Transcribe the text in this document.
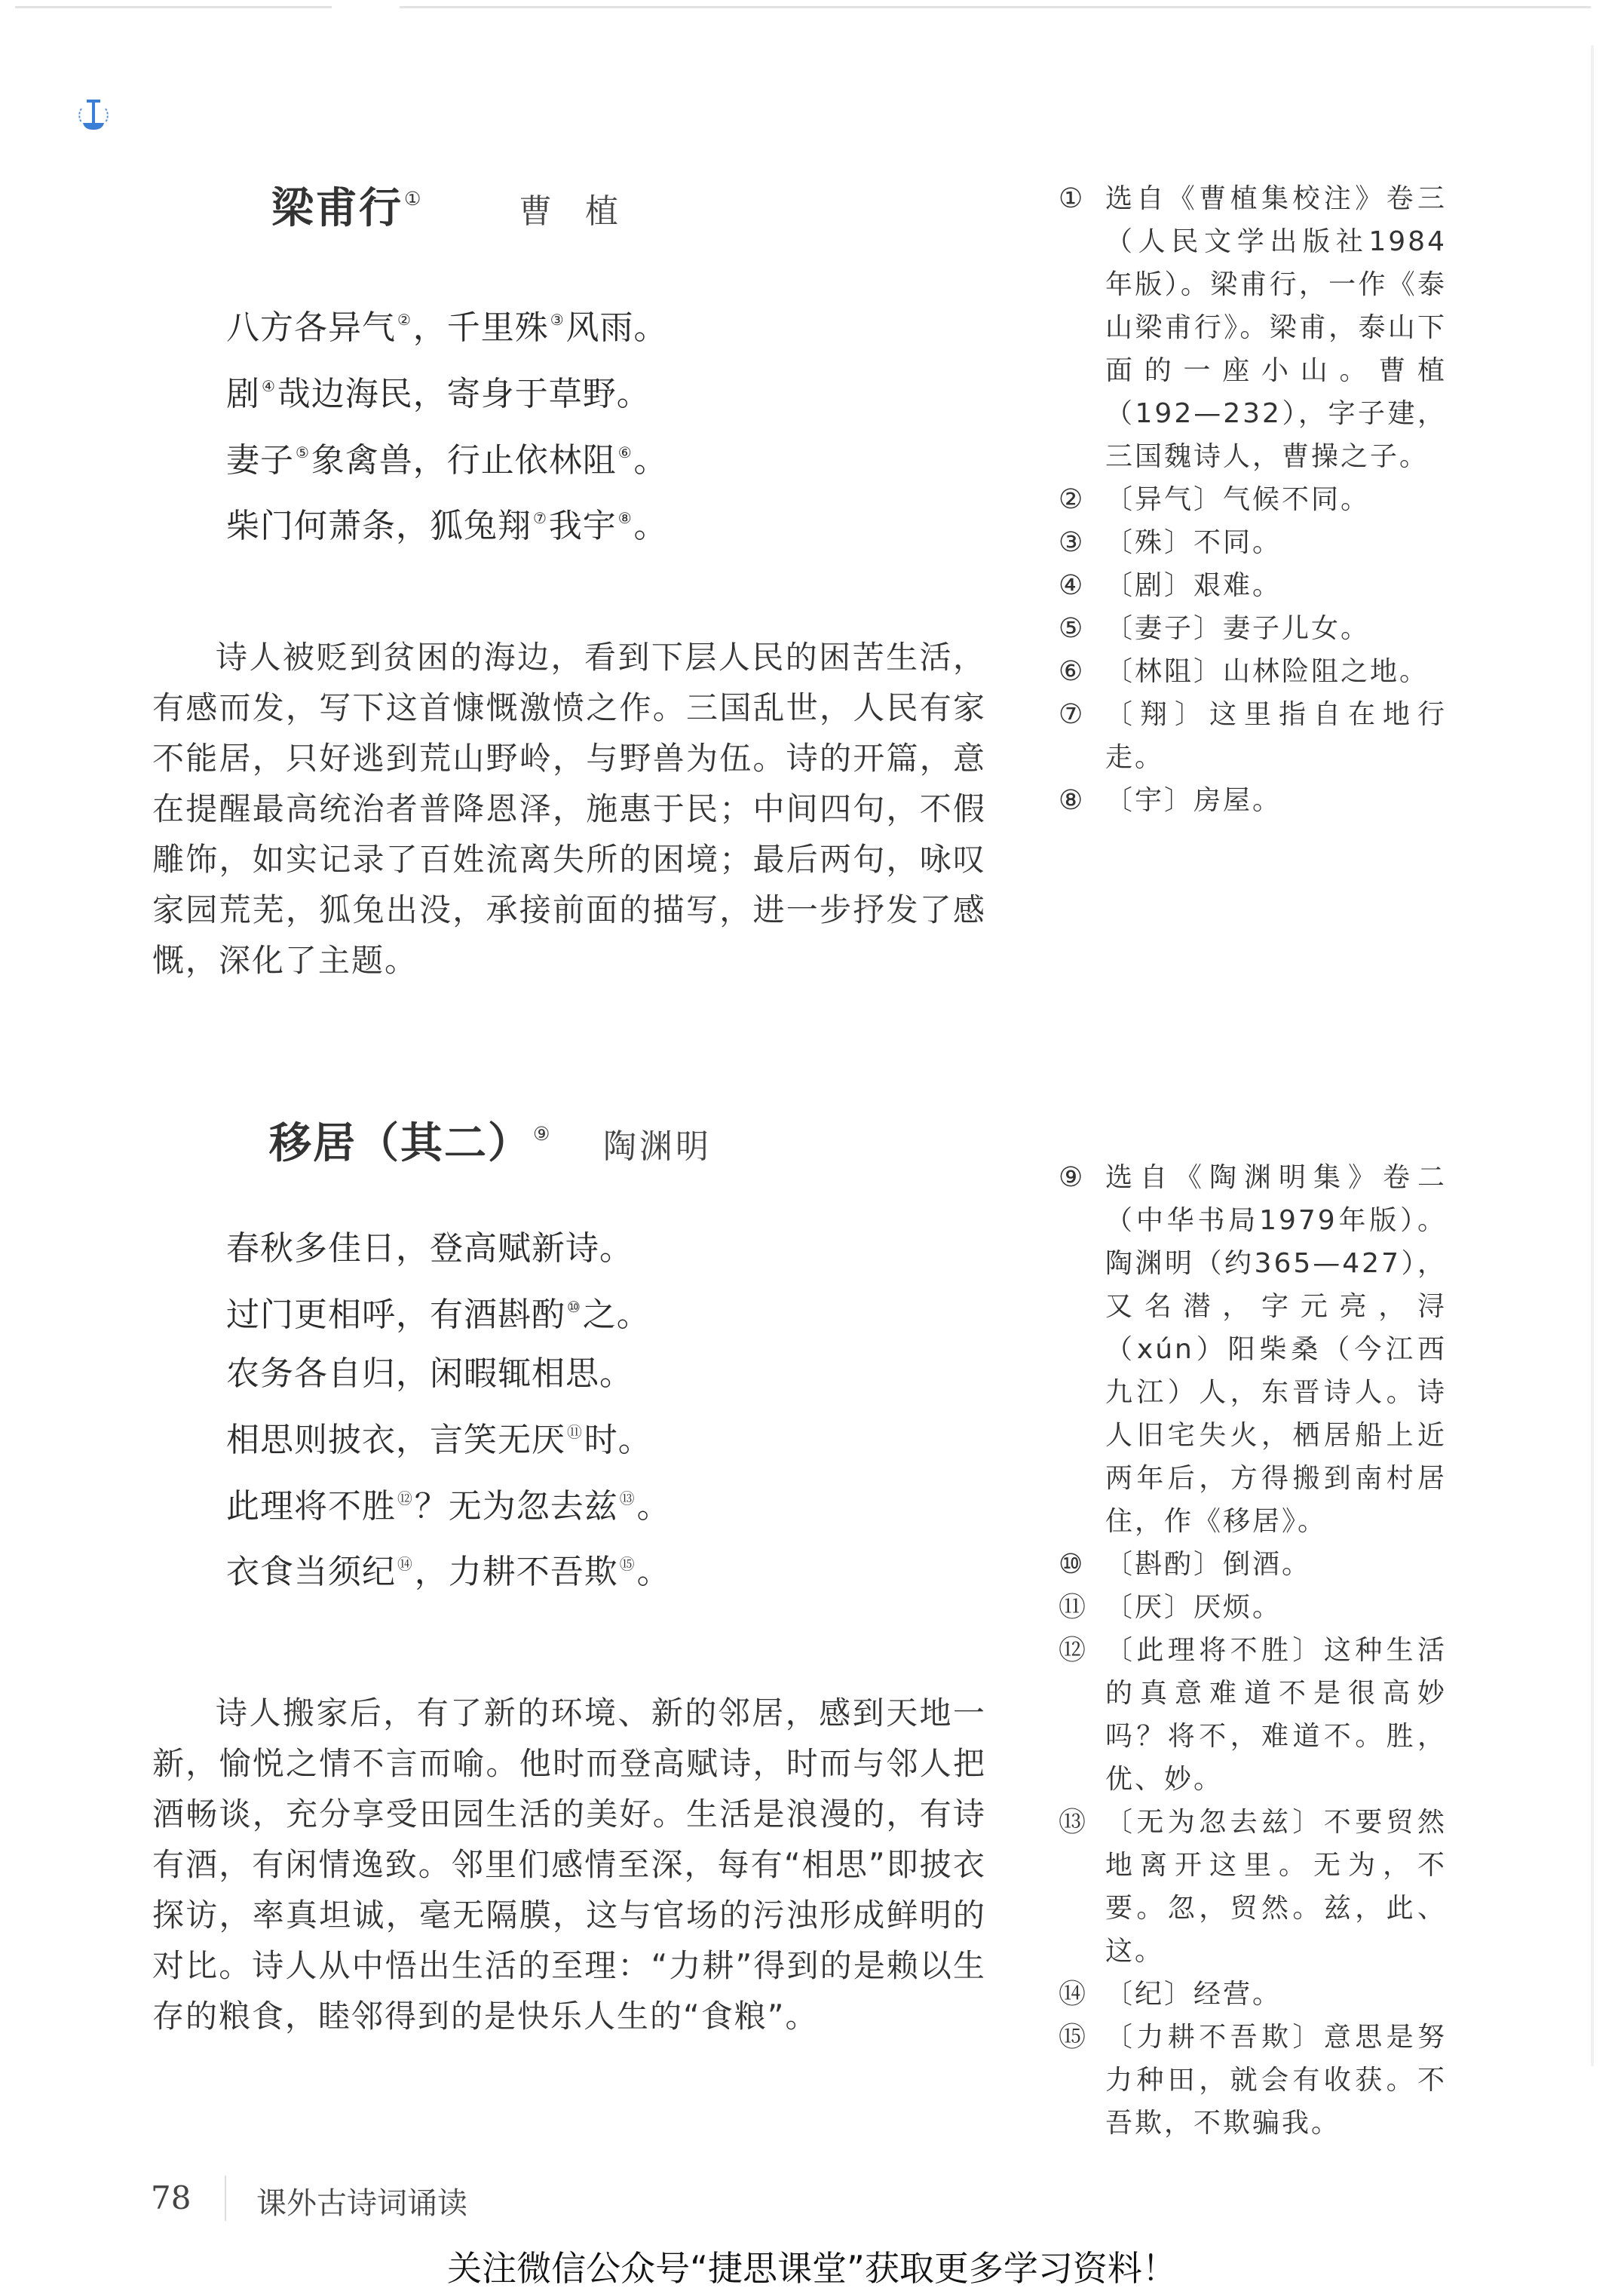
梁甫行①	曹　植
八方各异气 ②，千里殊 ③风雨。
剧 ④哉边海民，寄身于草野。
妻子 ⑤象禽兽，行止依林阻 ⑥。
柴门何萧条，狐兔翔 ⑦我宇 ⑧。
诗人被贬到贫困的海边，看到下层人民的困苦生活，有感而发，写下这首慷慨激愤之作。三国乱世，人民有家不能居，只好逃到荒山野岭，与野兽为伍。诗的开篇，意在提醒最高统治者普降恩泽，施惠于民；中间四句，不假雕饰，如实记录了百姓流离失所的困境；最后两句，咏叹家园荒芜，狐兔出没，承接前面的描写，进一步抒发了感慨，深化了主题。
① 选自《曹植集校注》卷三（人民文学出版社1984年版）。梁甫行，一作《泰山梁甫行》。梁甫，泰山下面的一座小山。曹植（192—232），字子建，三国魏诗人，曹操之子。
② 〔异气〕气候不同。
③ 〔殊〕不同。
④ 〔剧〕艰难。
⑤ 〔妻子〕妻子儿女。
⑥ 〔林阻〕山林险阻之地。
⑦ 〔翔〕这里指自在地行走。
⑧ 〔宇〕房屋。
移居（其二）⑨ 陶渊明
春秋多佳日，登高赋新诗。
过门更相呼，有酒斟酌 ⑩之。
农务各自归，闲暇辄相思。
相思则披衣，言笑无厌 ⑪时。
此理将不胜 ⑫？无为忽去兹 ⑬。
衣食当须纪 ⑭，力耕不吾欺 ⑮。
诗人搬家后，有了新的环境、新的邻居，感到天地一新，愉悦之情不言而喻。他时而登高赋诗，时而与邻人把酒畅谈，充分享受田园生活的美好。生活是浪漫的，有诗有酒，有闲情逸致。邻里们感情至深，每有“相思”即披衣探访，率真坦诚，毫无隔膜，这与官场的污浊形成鲜明的对比。诗人从中悟出生活的至理：“力耕”得到的是赖以生存的粮食，睦邻得到的是快乐人生的“食粮”。
⑨ 选自《陶渊明集》卷二（中华书局1979年版）。陶渊明（约365—427），又名潜，字元亮，浔（xún）阳柴桑（今江西九江）人，东晋诗人。诗人旧宅失火，栖居船上近两年后，方得搬到南村居住，作《移居》。
⑩ 〔斟酌〕倒酒。
⑪ 〔厌〕厌烦。
⑫ 〔此理将不胜〕这种生活的真意难道不是很高妙吗？将不，难道不。胜，优、妙。
⑬ 〔无为忽去兹〕不要贸然地离开这里。无为，不要。忽，贸然。兹，此、这。
⑭ 〔纪〕经营。
⑮ 〔力耕不吾欺〕意思是努力种田，就会有收获。不吾欺，不欺骗我。
78 课外古诗词诵读
关注微信公众号“捷思课堂”获取更多学习资料！
